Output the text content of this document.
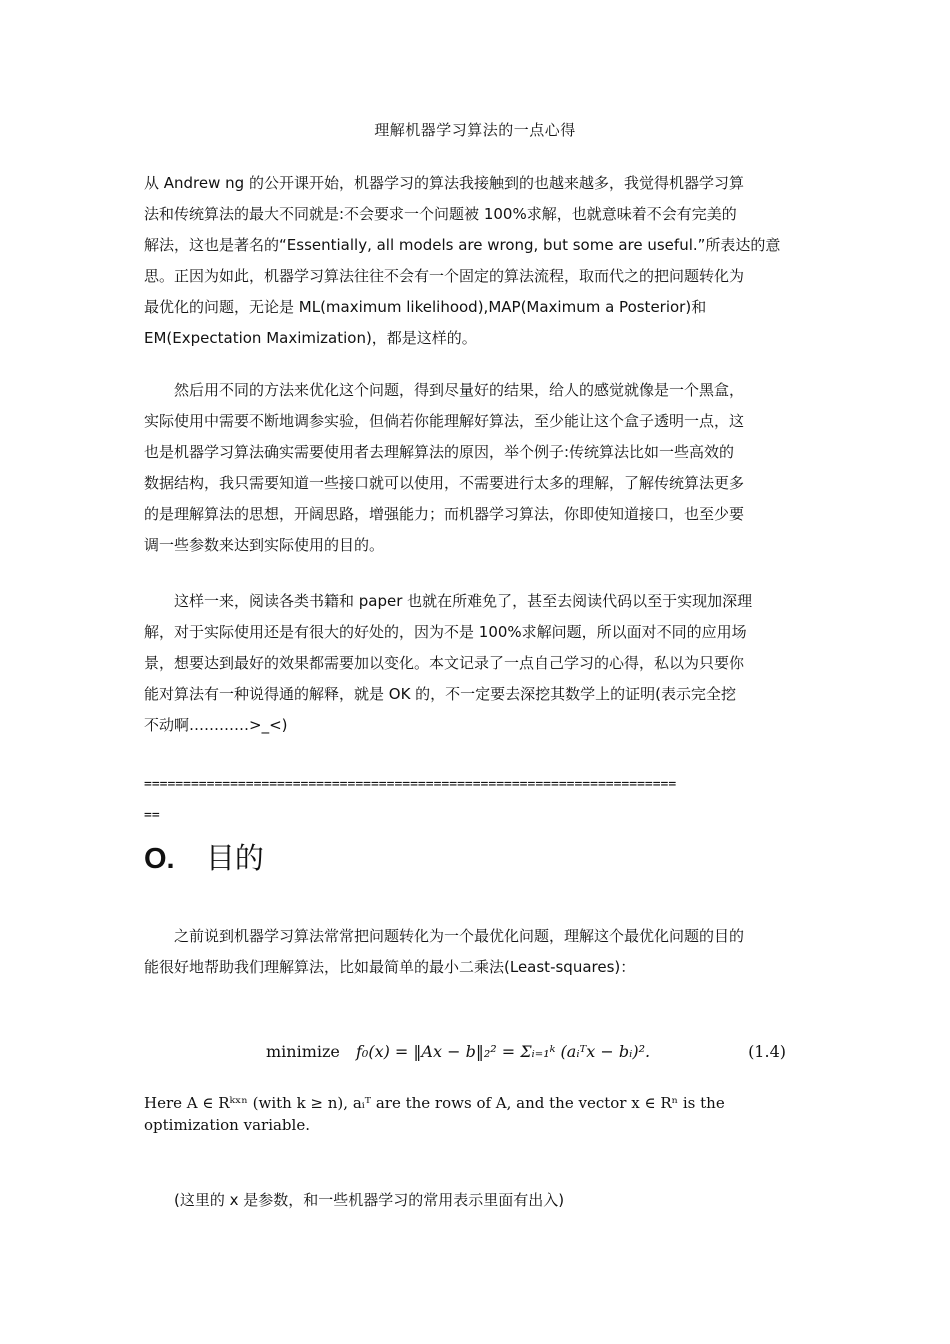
理解机器学习算法的一点心得
从 Andrew ng 的公开课开始，机器学习的算法我接触到的也越来越多，我觉得机器学习算
法和传统算法的最大不同就是:不会要求一个问题被 100%求解，也就意味着不会有完美的
解法，这也是著名的“Essentially, all models are wrong, but some are useful.”所表达的意
思。正因为如此，机器学习算法往往不会有一个固定的算法流程，取而代之的把问题转化为
最优化的问题，无论是 ML(maximum likelihood),MAP(Maximum a Posterior)和
EM(Expectation Maximization)，都是这样的。
然后用不同的方法来优化这个问题，得到尽量好的结果，给人的感觉就像是一个黑盒，
实际使用中需要不断地调参实验，但倘若你能理解好算法，至少能让这个盒子透明一点，这
也是机器学习算法确实需要使用者去理解算法的原因，举个例子:传统算法比如一些高效的
数据结构，我只需要知道一些接口就可以使用，不需要进行太多的理解，了解传统算法更多
的是理解算法的思想，开阔思路，增强能力；而机器学习算法，你即使知道接口，也至少要
调一些参数来达到实际使用的目的。
这样一来，阅读各类书籍和 paper 也就在所难免了，甚至去阅读代码以至于实现加深理
解，对于实际使用还是有很大的好处的，因为不是 100%求解问题，所以面对不同的应用场
景，想要达到最好的效果都需要加以变化。本文记录了一点自己学习的心得，私以为只要你
能对算法有一种说得通的解释，就是 OK 的，不一定要去深挖其数学上的证明(表示完全挖
不动啊…………>_<)
====================================================================
==
O. 目的
之前说到机器学习算法常常把问题转化为一个最优化问题，理解这个最优化问题的目的
能很好地帮助我们理解算法，比如最简单的最小二乘法(Least-squares)：
minimize f₀(x) = ‖Ax − b‖₂² = Σᵢ₌₁ᵏ (aᵢᵀx − bᵢ)².	(1.4)
Here A ∈ Rᵏˣⁿ (with k ≥ n), aᵢᵀ are the rows of A, and the vector x ∈ Rⁿ is the
optimization variable.
(这里的 x 是参数，和一些机器学习的常用表示里面有出入)
